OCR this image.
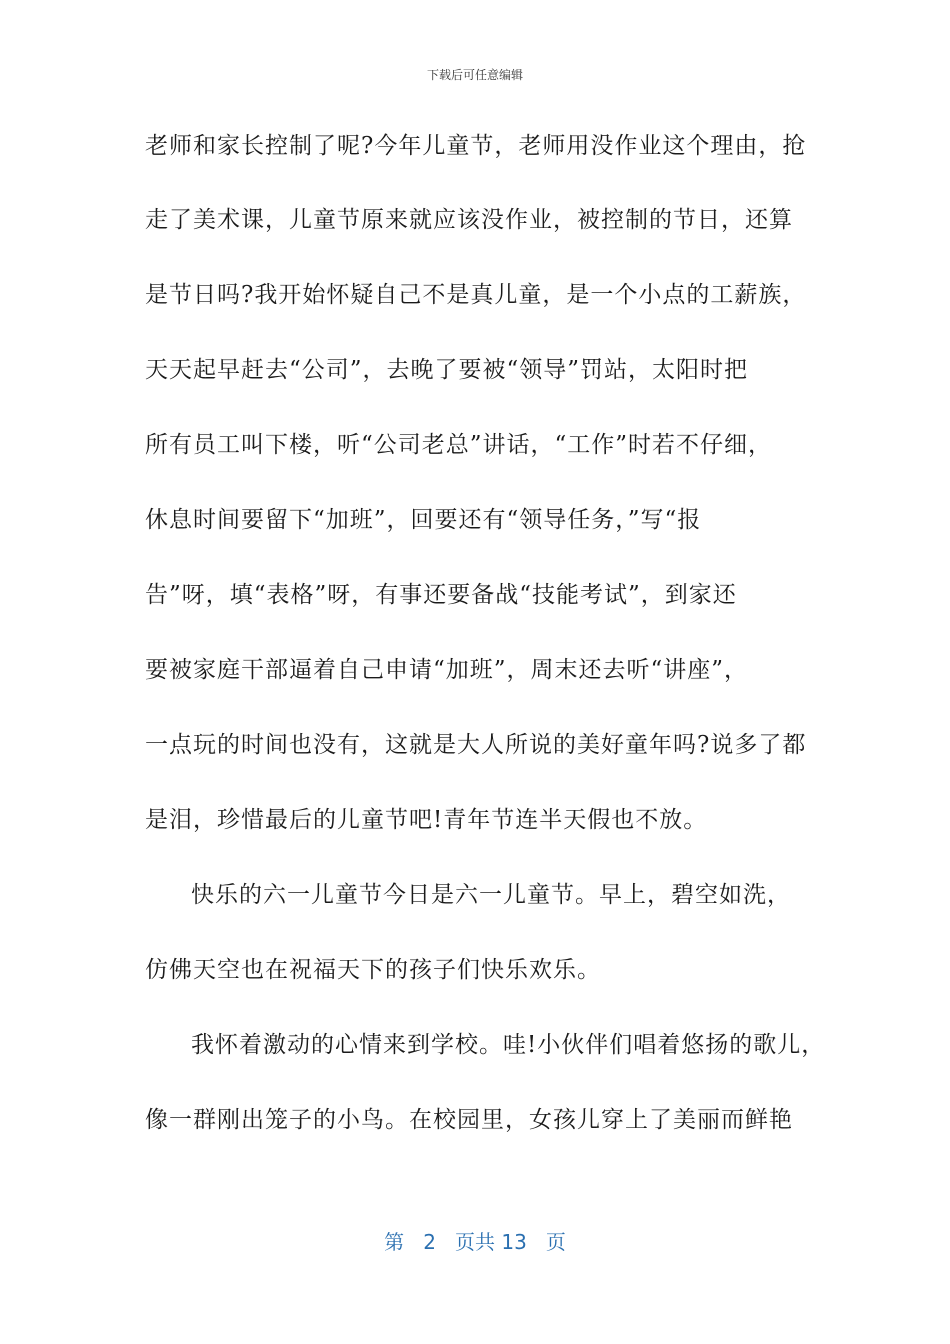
下载后可任意编辑
老师和家长控制了呢?今年儿童节，老师用没作业这个理由，抢
走了美术课，儿童节原来就应该没作业，被控制的节日，还算
是节日吗?我开始怀疑自己不是真儿童，是一个小点的工薪族，
天天起早赶去“公司”，去晚了要被“领导”罚站，太阳时把
所有员工叫下楼，听“公司老总”讲话，“工作”时若不仔细，
休息时间要留下“加班”，回要还有“领导任务，”写“报
告”呀，填“表格”呀，有事还要备战“技能考试”，到家还
要被家庭干部逼着自己申请“加班”，周末还去听“讲座”，
一点玩的时间也没有，这就是大人所说的美好童年吗?说多了都
是泪，珍惜最后的儿童节吧!青年节连半天假也不放。
快乐的六一儿童节今日是六一儿童节。早上，碧空如洗，
仿佛天空也在祝福天下的孩子们快乐欢乐。
我怀着激动的心情来到学校。哇!小伙伴们唱着悠扬的歌儿，
像一群刚出笼子的小鸟。在校园里，女孩儿穿上了美丽而鲜艳
第 2 页共 13 页
